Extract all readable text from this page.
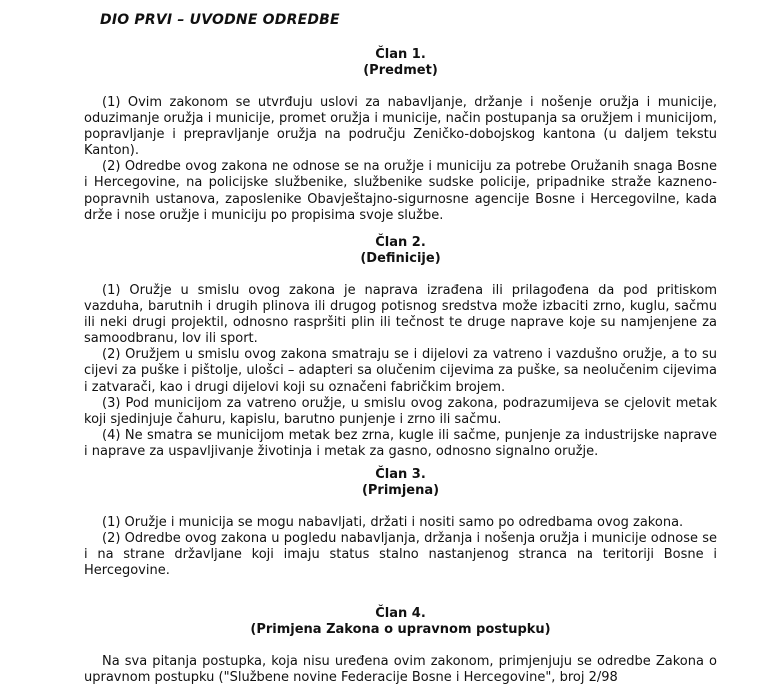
DIO PRVI – UVODNE ODREDBE
Član 1.
(Predmet)

(1) Ovim zakonom se utvrđuju uslovi za nabavljanje, držanje i nošenje oružja i municije, oduzimanje oružja i municije, promet oružja i municije, način postupanja sa oružjem i municijom, popravljanje i prepravljanje oružja na području Zeničko-dobojskog kantona (u daljem tekstu Kanton).

(2) Odredbe ovog zakona ne odnose se na oružje i municiju za potrebe Oružanih snaga Bosne i Hercegovine, na policijske službenike, službenike sudske policije, pripadnike straže kazneno-popravnih ustanova, zaposlenike Obavještajno-sigurnosne agencije Bosne i Hercegovilne, kada drže i nose oružje i municiju po propisima svoje službe.

Član 2.
(Definicije)

(1) Oružje u smislu ovog zakona je naprava izrađena ili prilagođena da pod pritiskom vazduha, barutnih i drugih plinova ili drugog potisnog sredstva može izbaciti zrno, kuglu, sačmu ili neki drugi projektil, odnosno raspršiti plin ili tečnost te druge naprave koje su namjenjene za samoodbranu, lov ili sport.

(2) Oružjem u smislu ovog zakona smatraju se i dijelovi za vatreno i vazdušno oružje, a to su cijevi za puške i pištolje, ulošci – adapteri sa olučenim cijevima za puške, sa neolučenim cijevima i zatvarači, kao i drugi dijelovi koji su označeni fabričkim brojem.

(3) Pod municijom za vatreno oružje, u smislu ovog zakona, podrazumijeva se cjelovit metak koji sjedinjuje čahuru, kapislu, barutno punjenje i zrno ili sačmu.

(4) Ne smatra se municijom metak bez zrna, kugle ili sačme, punjenje za industrijske naprave i naprave za uspavljivanje životinja i metak za gasno, odnosno signalno oružje.

Član 3.
(Primjena)

(1) Oružje i municija se mogu nabavljati, držati i nositi samo po odredbama ovog zakona.

(2) Odredbe ovog zakona u pogledu nabavljanja, držanja i nošenja oružja i municije odnose se i na strane državljane koji imaju status stalno nastanjenog stranca na teritoriji Bosne i Hercegovine.

Član 4.
(Primjena Zakona o upravnom postupku)

Na sva pitanja postupka, koja nisu uređena ovim zakonom, primjenjuju se odredbe Zakona o upravnom postupku ("Službene novine Federacije Bosne i Hercegovine", broj 2/98
